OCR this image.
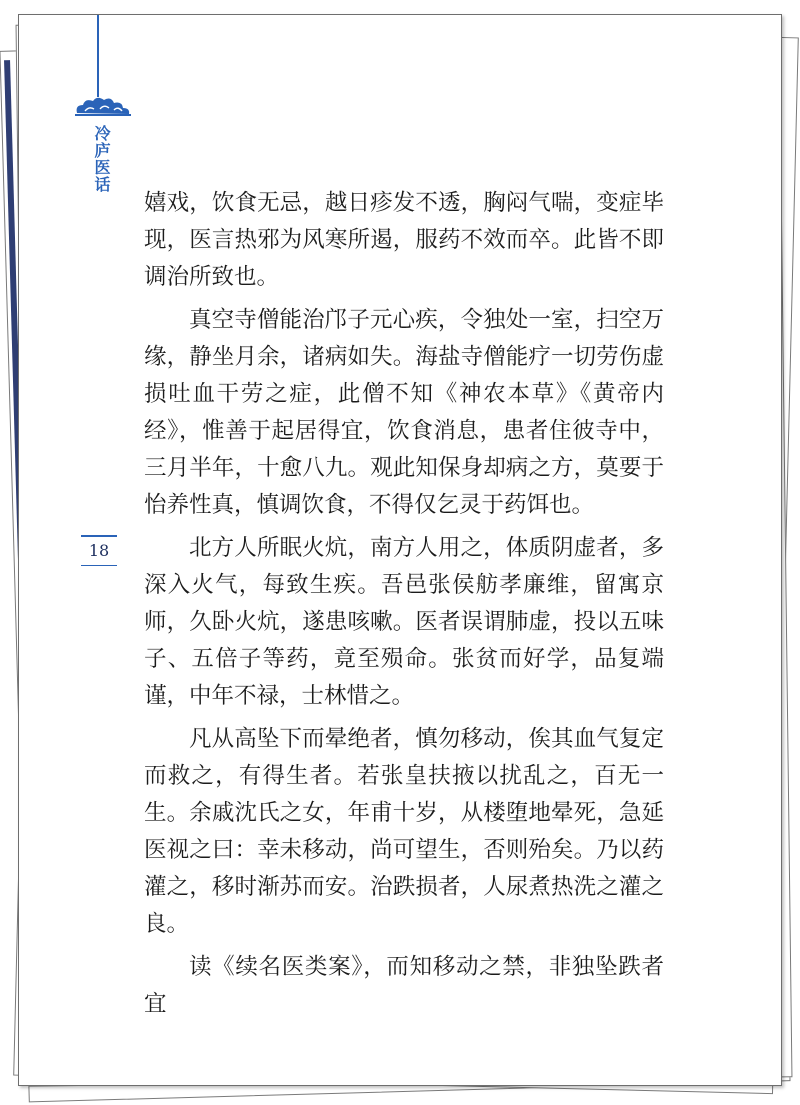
冷庐医话
18

嬉戏，饮食无忌，越日疹发不透，胸闷气喘，变症毕现，医言热邪为风寒所遏，服药不效而卒。此皆不即调治所致也。

真空寺僧能治邝子元心疾，令独处一室，扫空万缘，静坐月余，诸病如失。海盐寺僧能疗一切劳伤虚损吐血干劳之症，此僧不知《神农本草》《黄帝内经》，惟善于起居得宜，饮食消息，患者住彼寺中，三月半年，十愈八九。观此知保身却病之方，莫要于怡养性真，慎调饮食，不得仅乞灵于药饵也。

北方人所眠火炕，南方人用之，体质阴虚者，多深入火气，每致生疾。吾邑张侯舫孝廉维，留寓京师，久卧火炕，遂患咳嗽。医者误谓肺虚，投以五味子、五倍子等药，竟至殒命。张贫而好学，品复端谨，中年不禄，士林惜之。

凡从高坠下而晕绝者，慎勿移动，俟其血气复定而救之，有得生者。若张皇扶掖以扰乱之，百无一生。余戚沈氏之女，年甫十岁，从楼堕地晕死，急延医视之曰：幸未移动，尚可望生，否则殆矣。乃以药灌之，移时渐苏而安。治跌损者，人尿煮热洗之灌之良。

读《续名医类案》，而知移动之禁，非独坠跌者宜
